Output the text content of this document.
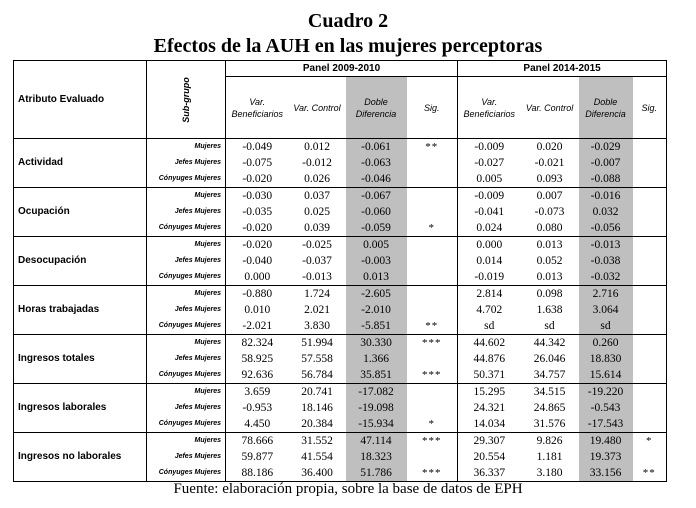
Cuadro 2
Efectos de la AUH en las mujeres perceptoras
Atributo Evaluado	Sub-grupo	Panel 2009-2010				Panel 2014-2015			
		Var. Beneficiarios	Var. Control	Doble Diferencia	Sig.	Var. Beneficiarios	Var. Control	Doble Diferencia	Sig.
Actividad	Mujeres	-0.049	0.012	-0.061	**	-0.009	0.020	-0.029	
	Jefes Mujeres	-0.075	-0.012	-0.063		-0.027	-0.021	-0.007	
	Cónyuges Mujeres	-0.020	0.026	-0.046		0.005	0.093	-0.088	
Ocupación	Mujeres	-0.030	0.037	-0.067		-0.009	0.007	-0.016	
	Jefes Mujeres	-0.035	0.025	-0.060		-0.041	-0.073	0.032	
	Cónyuges Mujeres	-0.020	0.039	-0.059	*	0.024	0.080	-0.056	
Desocupación	Mujeres	-0.020	-0.025	0.005		0.000	0.013	-0.013	
	Jefes Mujeres	-0.040	-0.037	-0.003		0.014	0.052	-0.038	
	Cónyuges Mujeres	0.000	-0.013	0.013		-0.019	0.013	-0.032	
Horas trabajadas	Mujeres	-0.880	1.724	-2.605		2.814	0.098	2.716	
	Jefes Mujeres	0.010	2.021	-2.010		4.702	1.638	3.064	
	Cónyuges Mujeres	-2.021	3.830	-5.851	**	sd	sd	sd	
Ingresos totales	Mujeres	82.324	51.994	30.330	***	44.602	44.342	0.260	
	Jefes Mujeres	58.925	57.558	1.366		44.876	26.046	18.830	
	Cónyuges Mujeres	92.636	56.784	35.851	***	50.371	34.757	15.614	
Ingresos laborales	Mujeres	3.659	20.741	-17.082		15.295	34.515	-19.220	
	Jefes Mujeres	-0.953	18.146	-19.098		24.321	24.865	-0.543	
	Cónyuges Mujeres	4.450	20.384	-15.934	*	14.034	31.576	-17.543	
Ingresos no laborales	Mujeres	78.666	31.552	47.114	***	29.307	9.826	19.480	*
	Jefes Mujeres	59.877	41.554	18.323		20.554	1.181	19.373	
	Cónyuges Mujeres	88.186	36.400	51.786	***	36.337	3.180	33.156	**
Fuente: elaboración propia, sobre la base de datos de EPH
